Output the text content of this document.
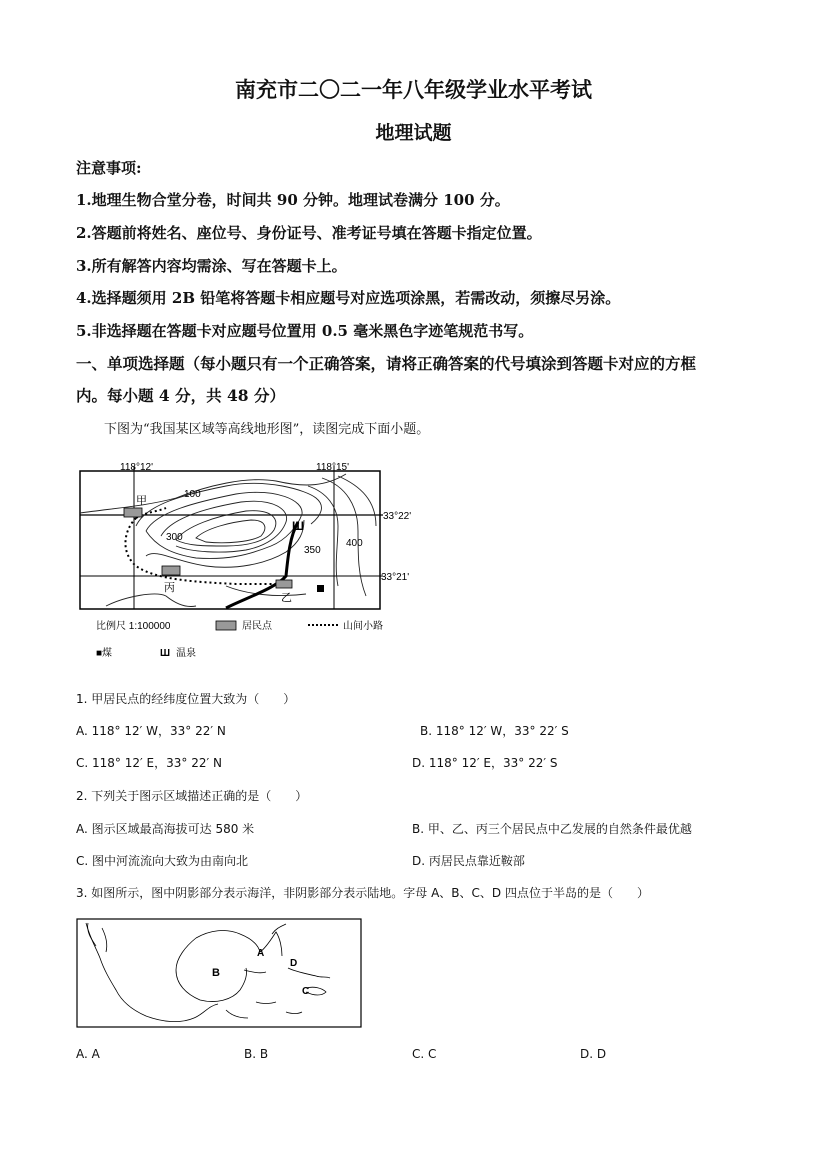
南充市二〇二一年八年级学业水平考试
地理试题
注意事项:
1.地理生物合堂分卷，时间共 90 分钟。地理试卷满分 100 分。
2.答题前将姓名、座位号、身份证号、准考证号填在答题卡指定位置。
3.所有解答内容均需涂、写在答题卡上。
4.选择题须用 2B 铅笔将答题卡相应题号对应选项涂黑，若需改动，须擦尽另涂。
5.非选择题在答题卡对应题号位置用 0.5 毫米黑色字迹笔规范书写。
一、单项选择题（每小题只有一个正确答案，请将正确答案的代号填涂到答题卡对应的方框
内。每小题 4 分，共 48 分）
下图为“我国某区域等高线地形图”，读图完成下面小题。
118°12'	118°15'
33°22'
33°21'
Ш
甲
丙
乙
100
300
350
400
比例尺 1:100000	居民点	山间小路
■煤	Ш 温泉
1. 甲居民点的经纬度位置大致为（　　）
A. 118° 12′ W，33° 22′ N	B. 118° 12′ W，33° 22′ S
C. 118° 12′ E，33° 22′ N	D. 118° 12′ E，33° 22′ S
2. 下列关于图示区域描述正确的是（　　）
A. 图示区域最高海拔可达 580 米	B. 甲、乙、丙三个居民点中乙发展的自然条件最优越
C. 图中河流流向大致为由南向北	D. 丙居民点靠近鞍部
3. 如图所示，图中阴影部分表示海洋，非阴影部分表示陆地。字母 A、B、C、D 四点位于半岛的是（　　）
B
A
D
C
A. A	B. B	C. C	D. D
